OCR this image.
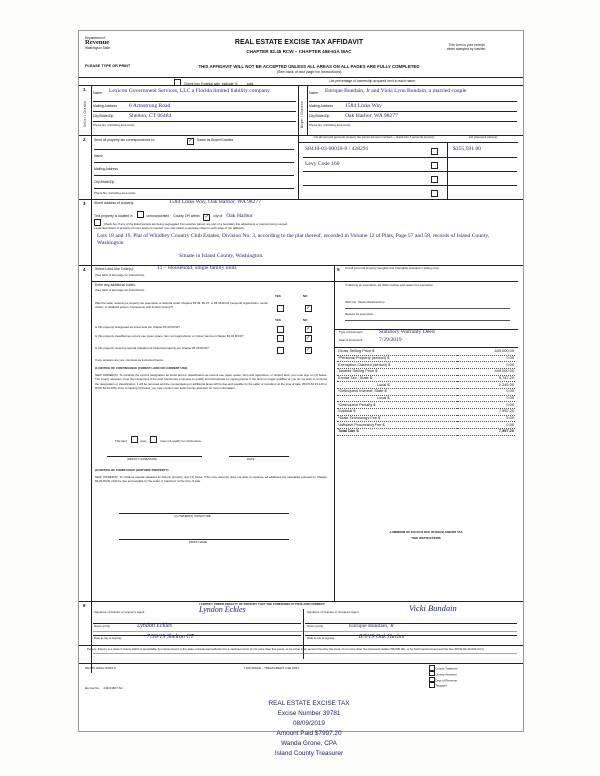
Department of
Revenue
Washington State
REAL ESTATE EXCISE TAX AFFIDAVIT
CHAPTER 82.45 RCW – CHAPTER 458-61A WAC
This form is your receipt
when stamped by cashier.
PLEASE TYPE OR PRINT	THIS AFFIDAVIT WILL NOT BE ACCEPTED UNLESS ALL AREAS ON ALL PAGES ARE FULLY COMPLETED
(See back of last page for instructions)
Check box if partial sale, indicate % ____ sold.
List percentage of ownership acquired next to each name.
1
Seller / Grantor	Buyer / Grantee
Name Lexicon Government Services, LLC a Florida limited liability company
Mailing Address 6 Armstrong Road
City/State/Zip	Shelton, CT 06484
Phone No. (including area code)
Name Enrique Bundain, Jr and Vicki Lynn Bundain, a married couple
Mailing Address 1584 Links Way
City/State/Zip	Oak Harbor, WA 98277
Phone No. (including area code)
2 Send all property tax correspondence to: ✓	Same as Buyer/Grantee
Name
Mailing Address
City/State/Zip
Phone No. (including area code)
List all real and personal property tax parcel account numbers – check box if personal property	List assessed value(s)
S8410-03-00018-0 / 428291	$355,591.00
Levy Code 160
3 Street address of property:	1584 Links Way, Oak Harbor, WA 98277
This property is located in	unincorporated County OR within ✓	city of Oak Harbor
Check box if any of the listed parcels are being segregated from another parcel, are part of a boundary line adjustment or parcels being merged.
Legal description of property (if more space is needed, you may attach a separate sheet to each page of the affidavit)
Lots 18 and 19, Plat of Whidbey Country Club Estates, Division No. 3, according to the plat thereof, recorded in Volume 12 of Plats, Page 57 and 58, records of Island County, Washington
Situate in Island County, Washington.
4	5
Select Land Use Code(s):	11 – Household, single family units
(See back of last page for instructions)
List all personal property (tangible and intangible) included in selling price.
Enter any additional codes:
(See back of last page for instructions)
YES	NO
Was the seller receiving a property tax exemption or deferral under chapters 84.36, 84.37, or 84.38 RCW (nonprofit organization, senior citizen, or disabled person, homeowner with limited income)?
✓
YES	NO
Is this property designated as forest land per chapter 84.33 RCW?
✓
Is this property classified as current use (open space, farm and agricultural, or timber) land per chapter 84.34 RCW?
✓
Is this property receiving special valuation as historical property per chapter 84.26 RCW?
✓
If any answers are yes, complete as instructed below.
(1) NOTICE OF CONTINUANCE (FOREST LAND OR CURRENT USE)
NEW OWNER(S): To continue the current designation as forest land or classification as current use (open space, farm and agriculture, or timber) land, you must sign on (3) below. The county assessor must then determine if the land transferred continues to qualify and will indicate by signing below. If the land no longer qualifies or you do not wish to continue the designation or classification, it will be removed and the compensating or additional taxes will be due and payable by the seller or transferor at the time of sale. (RCW 84.33.140 or RCW 84.34.108). Prior to signing (3) below, you may contact your local County assessor for more information.
This land	does	does not qualify for continuance.
(DEPUTY ASSESSOR)	DATE
(2) NOTICE OF COMPLIANCE (HISTORIC PROPERTY)
NEW OWNER(S): To continue special valuation as historic property, sign (3) below. If the new owner(s) does not wish to continue, all additional tax calculated pursuant to Chapter 84.26 RCW, shall be due and payable by the seller or transferor at the time of sale.
(3) OWNER(S) SIGNATURE
PRINT NAME
If claiming an exemption, list WAC number and reason for exemption:
WAC No. (Section/Subsection)
Reason for exemption
Type of Document	Statutory Warranty Deed
Date of Document	7/29/2019
Gross Selling Price $	449,000.00
*Personal Property (deduct) $	0.00
Exemption Claimed (deduct) $	0.00
Taxable Selling Price $	449,000.00
Excise Tax : State $	5,747.20
Local $	2,245.00
*Delinquent Interest: State $	0.00
Local $	0.00
*Delinquent Penalty $	0.00
Subtotal $	7,992.20
*State Technology Fee $	5.00
*Affidavit Processing Fee $	0.00
Total Due $	7,997.20
A MINIMUM OF $10.00 IS DUE IN FEE(S) AND/OR TAX
*SEE INSTRUCTIONS
6	I CERTIFY UNDER PENALTY OF PERJURY THAT THE FOREGOING IS TRUE AND CORRECT.
Signature of Grantor or Grantor's Agent	Lyndon Eckles	Signature of Grantee or Grantee's Agent	Vicki Bundain
Name (print)	Lyndon Eckles	Name (print)	Enrique Bundain, Jr
Date & city of signing:	7/30/19 Shelton CT	Date & city of signing:	8/5/19 Oak Harbor
Perjury: Perjury is a class C felony which is punishable by imprisonment in the state correctional institution for a maximum term of not more than five years, or by a fine in an amount fixed by the court of not more than five thousand dollars ($5,000.00), or by both imprisonment and the fine (RCW 9A.20.020 (1C)).
REV 84 0001a (3/06/17)	THIS SPACE – TREASURER'S USE ONLY	County Treasurer
County Assessor
Dept of Revenue
Taxpayer
Escrow No.: 244413607-SC
REAL ESTATE EXCISE TAX
Excise Number 39781
08/09/2019
Amount Paid $7997.20
Wanda Grone, CPA
Island County Treasurer
